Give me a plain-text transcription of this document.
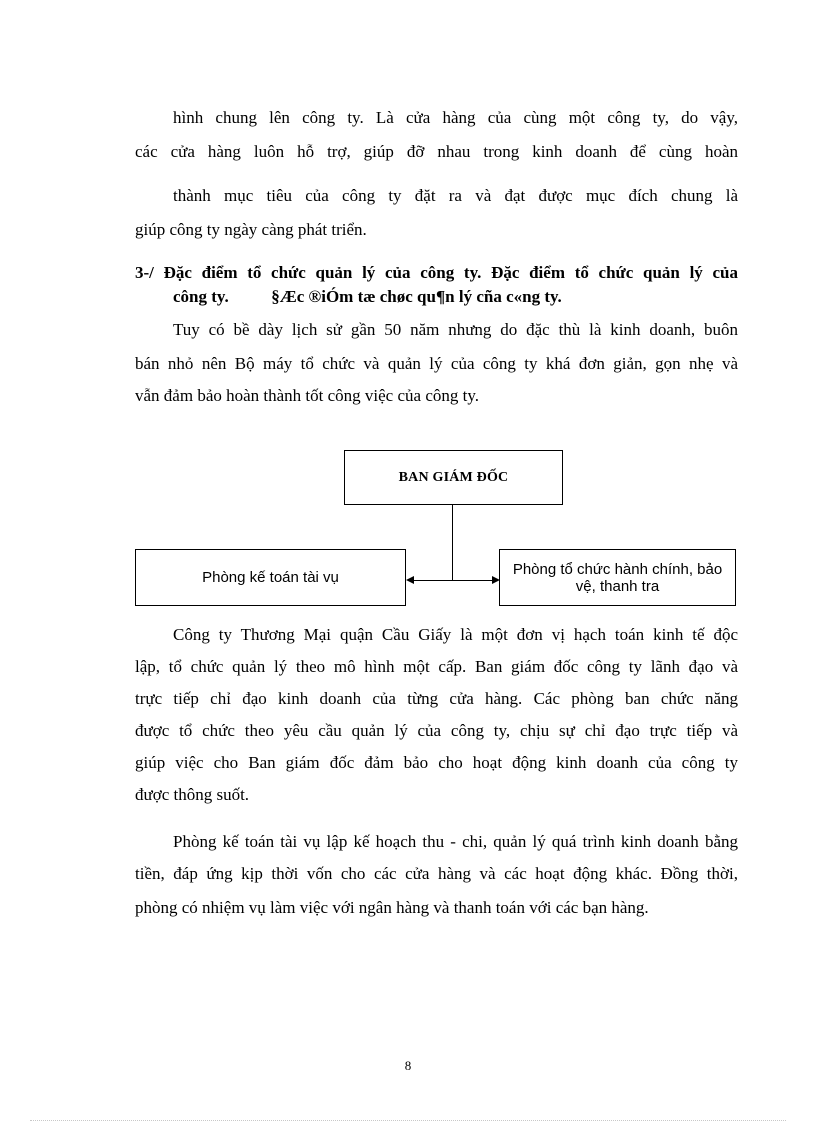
hình chung lên công ty. Là cửa hàng của cùng một công ty, do vậy,
các cửa hàng luôn hỗ trợ, giúp đỡ nhau trong kinh doanh để cùng hoàn
thành mục tiêu của công ty đặt ra và đạt được mục đích chung là
giúp công ty ngày càng phát triển.
3-/ Đặc điểm tổ chức quản lý của công ty. Đặc điểm tổ chức quản lý của
công ty.          §Æc ®iÓm tæ chøc qu¶n lý cña c«ng ty.
Tuy có bề dày lịch sử gần 50 năm nhưng do đặc thù là kinh doanh, buôn
bán nhỏ nên Bộ máy tổ chức và quản lý của công ty khá đơn giản, gọn nhẹ và
vẫn đảm bảo hoàn thành tốt công việc của công ty.
BAN GIÁM ĐỐC
Phòng kế toán tài vụ	Phòng tổ chức hành chính, bảo
vệ, thanh tra
Công ty Thương Mại quận Cầu Giấy là một đơn vị hạch toán kinh tế độc
lập, tổ chức quản lý theo mô hình một cấp. Ban giám đốc công ty lãnh đạo và
trực tiếp chỉ đạo kinh doanh của từng cửa hàng. Các phòng ban chức năng
được tổ chức theo yêu cầu quản lý của công ty, chịu sự chỉ đạo trực tiếp và
giúp việc cho Ban giám đốc đảm bảo cho hoạt động kinh doanh của công ty
được thông suốt.
Phòng kế toán tài vụ lập kế hoạch thu - chi, quản lý quá trình kinh doanh bằng
tiền, đáp ứng kịp thời vốn cho các cửa hàng và các hoạt động khác. Đồng thời,
phòng có nhiệm vụ làm việc với ngân hàng và thanh toán với các bạn hàng.
8
